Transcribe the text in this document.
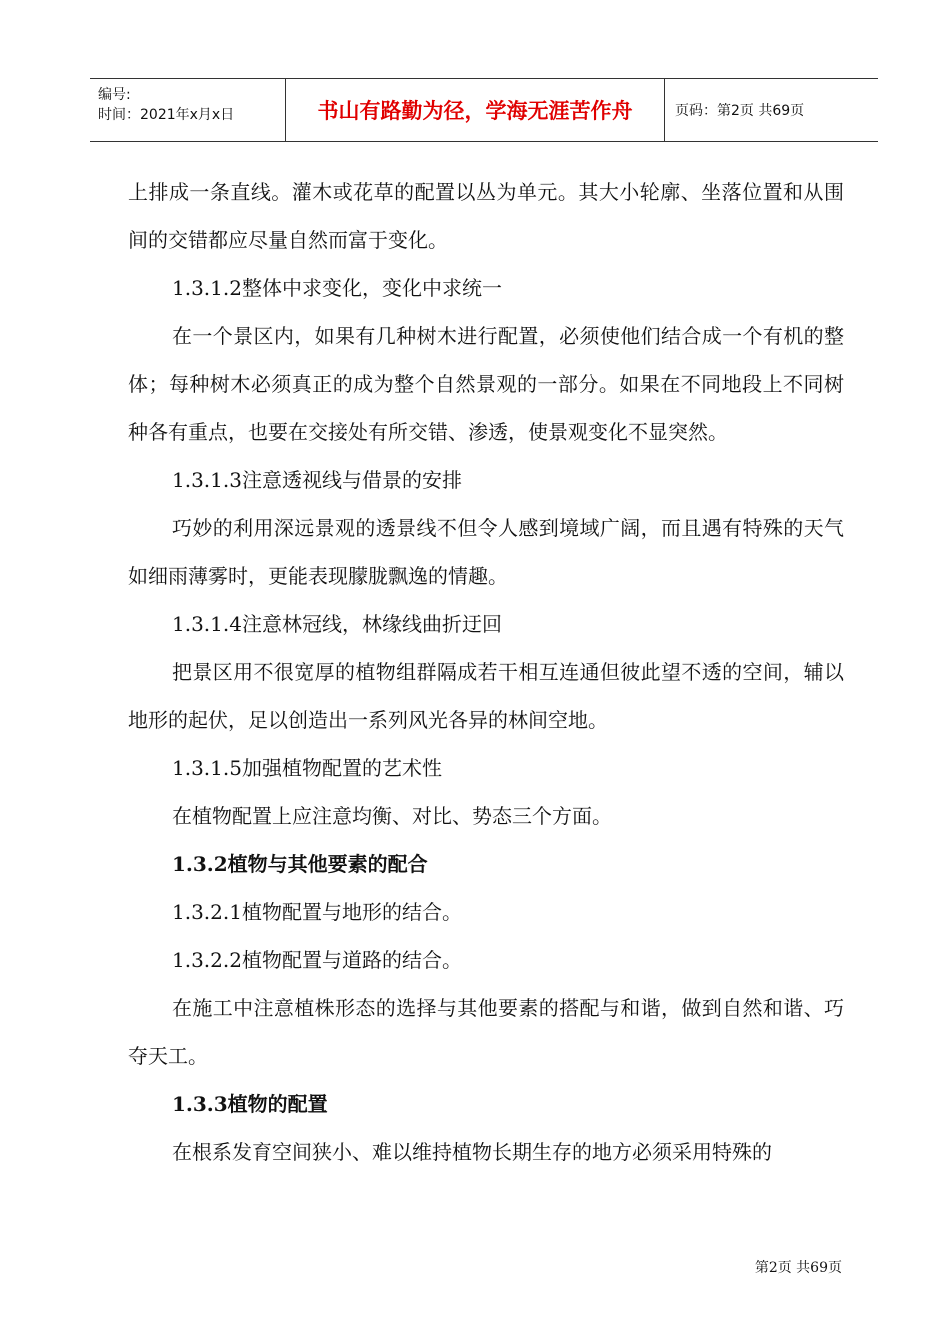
编号:
时间：2021年x月x日	书山有路勤为径，学海无涯苦作舟	页码：第2页 共69页

上排成一条直线。灌木或花草的配置以丛为单元。其大小轮廓、坐落位置和从围间的交错都应尽量自然而富于变化。

1.3.1.2整体中求变化，变化中求统一

在一个景区内，如果有几种树木进行配置，必须使他们结合成一个有机的整体；每种树木必须真正的成为整个自然景观的一部分。如果在不同地段上不同树种各有重点，也要在交接处有所交错、渗透，使景观变化不显突然。

1.3.1.3注意透视线与借景的安排

巧妙的利用深远景观的透景线不但令人感到境域广阔，而且遇有特殊的天气如细雨薄雾时，更能表现朦胧飘逸的情趣。

1.3.1.4注意林冠线，林缘线曲折迂回

把景区用不很宽厚的植物组群隔成若干相互连通但彼此望不透的空间，辅以地形的起伏，足以创造出一系列风光各异的林间空地。

1.3.1.5加强植物配置的艺术性

在植物配置上应注意均衡、对比、势态三个方面。

1.3.2植物与其他要素的配合

1.3.2.1植物配置与地形的结合。

1.3.2.2植物配置与道路的结合。

在施工中注意植株形态的选择与其他要素的搭配与和谐，做到自然和谐、巧夺天工。

1.3.3植物的配置

在根系发育空间狭小、难以维持植物长期生存的地方必须采用特殊的

第2页 共69页
